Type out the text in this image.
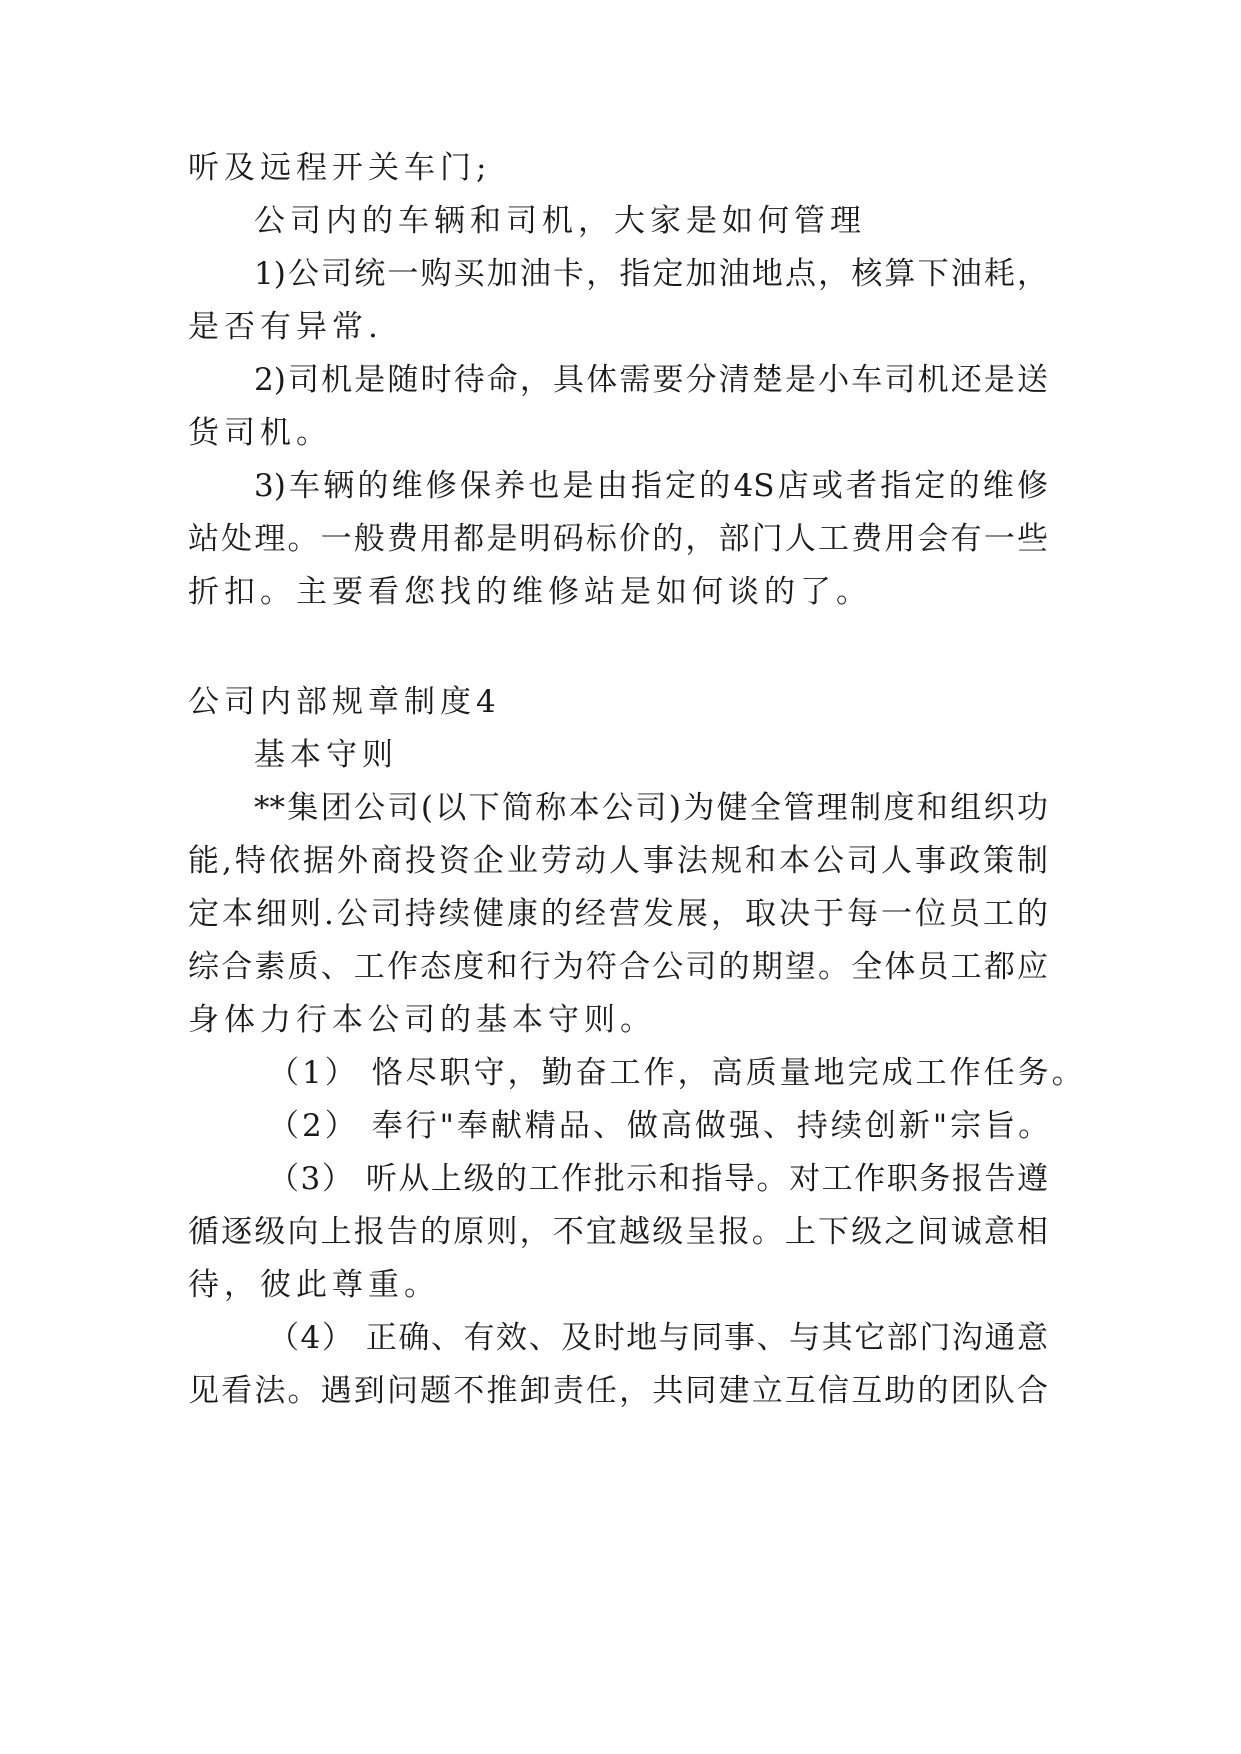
听及远程开关车门;
公司内的车辆和司机，大家是如何管理
1)公司统一购买加油卡，指定加油地点，核算下油耗，
是否有异常.
2)司机是随时待命，具体需要分清楚是小车司机还是送
货司机。
3)车辆的维修保养也是由指定的4S店或者指定的维修
站处理。一般费用都是明码标价的，部门人工费用会有一些
折扣。主要看您找的维修站是如何谈的了。
公司内部规章制度4
基本守则
**集团公司(以下简称本公司)为健全管理制度和组织功
能,特依据外商投资企业劳动人事法规和本公司人事政策制
定本细则.公司持续健康的经营发展，取决于每一位员工的
综合素质、工作态度和行为符合公司的期望。全体员工都应
身体力行本公司的基本守则。
（1） 恪尽职守，勤奋工作，高质量地完成工作任务。
（2） 奉行"奉献精品、做高做强、持续创新"宗旨。
（3） 听从上级的工作批示和指导。对工作职务报告遵
循逐级向上报告的原则，不宜越级呈报。上下级之间诚意相
待，彼此尊重。
（4） 正确、有效、及时地与同事、与其它部门沟通意
见看法。遇到问题不推卸责任，共同建立互信互助的团队合
